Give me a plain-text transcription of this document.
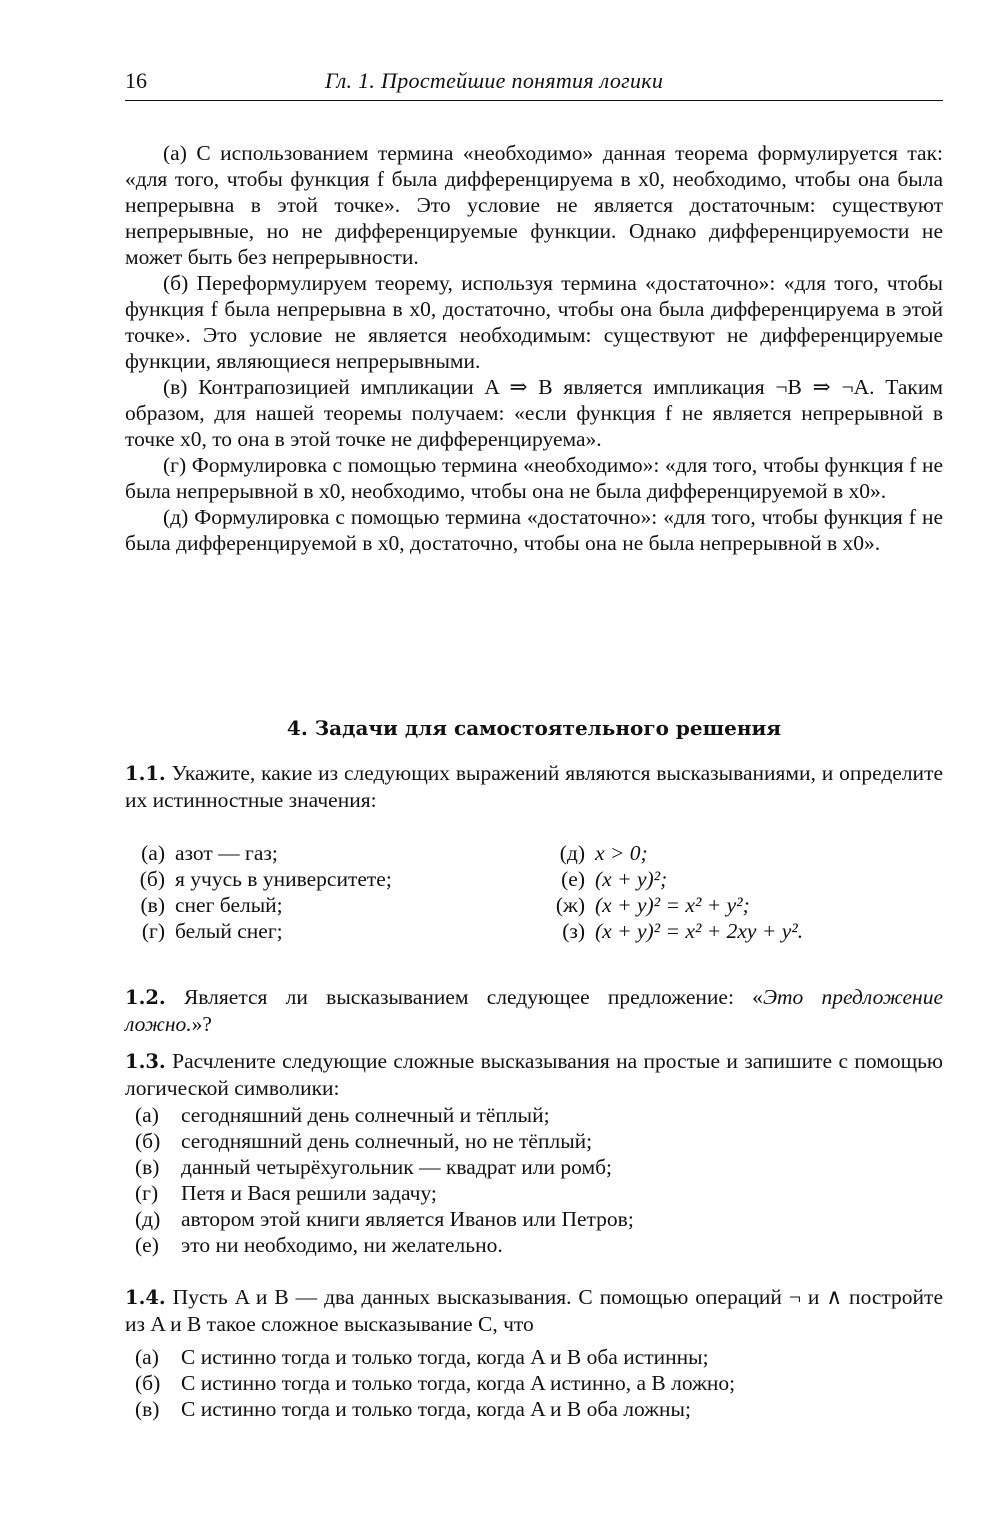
16	Гл. 1. Простейшие понятия логики

(а) С использованием термина «необходимо» данная теорема формулируется так: «для того, чтобы функция f была дифференцируема в x0, необходимо, чтобы она была непрерывна в этой точке». Это условие не является достаточным: существуют непрерывные, но не дифференцируемые функции. Однако дифференцируемости не может быть без непрерывности.

(б) Переформулируем теорему, используя термина «достаточно»: «для того, чтобы функция f была непрерывна в x0, достаточно, чтобы она была дифференцируема в этой точке». Это условие не является необходимым: существуют не дифференцируемые функции, являющиеся непрерывными.

(в) Контрапозицией импликации A ⇒ B является импликация ¬B ⇒ ¬A. Таким образом, для нашей теоремы получаем: «если функция f не является непрерывной в точке x0, то она в этой точке не дифференцируема».

(г) Формулировка с помощью термина «необходимо»: «для того, чтобы функция f не была непрерывной в x0, необходимо, чтобы она не была дифференцируемой в x0».

(д) Формулировка с помощью термина «достаточно»: «для того, чтобы функция f не была дифференцируемой в x0, достаточно, чтобы она не была непрерывной в x0».

4. Задачи для самостоятельного решения

1.1. Укажите, какие из следующих выражений являются высказываниями, и определите их истинностные значения:

(а) азот — газ;
(б) я учусь в университете;
(в) снег белый;
(г) белый снег;
(д) x > 0;
(е) (x + y)²;
(ж) (x + y)² = x² + y²;
(з) (x + y)² = x² + 2xy + y².

1.2. Является ли высказыванием следующее предложение: «Это предложение ложно.»?

1.3. Расчлените следующие сложные высказывания на простые и запишите с помощью логической символики:

(а) сегодняшний день солнечный и тёплый;
(б) сегодняшний день солнечный, но не тёплый;
(в) данный четырёхугольник — квадрат или ромб;
(г) Петя и Вася решили задачу;
(д) автором этой книги является Иванов или Петров;
(е) это ни необходимо, ни желательно.

1.4. Пусть A и B — два данных высказывания. С помощью операций ¬ и ∧ постройте из A и B такое сложное высказывание C, что

(а) C истинно тогда и только тогда, когда A и B оба истинны;
(б) C истинно тогда и только тогда, когда A истинно, а B ложно;
(в) C истинно тогда и только тогда, когда A и B оба ложны;
